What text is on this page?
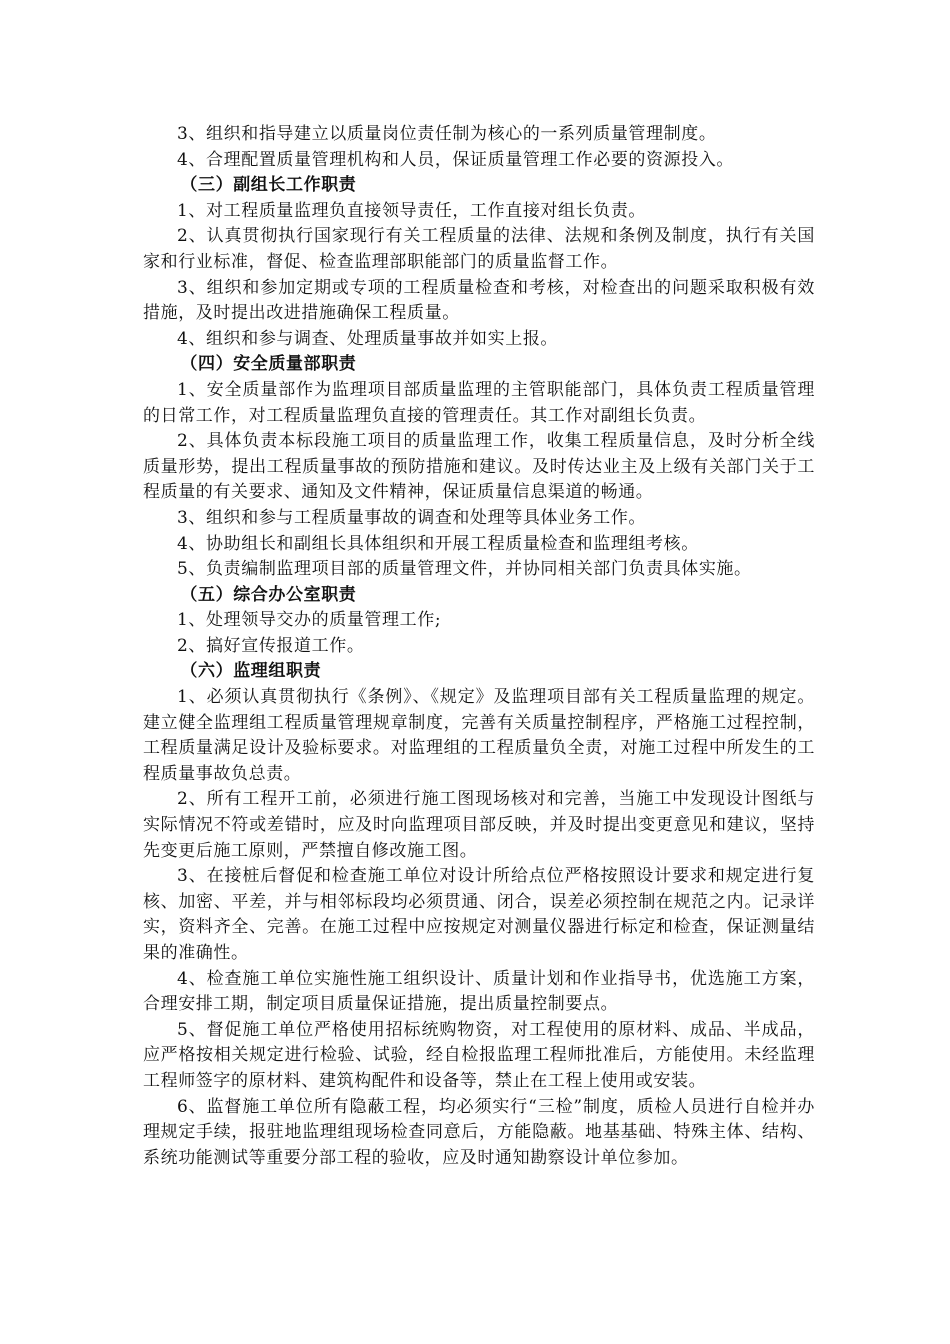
3、组织和指导建立以质量岗位责任制为核心的一系列质量管理制度。

4、合理配置质量管理机构和人员，保证质量管理工作必要的资源投入。

（三）副组长工作职责

1、对工程质量监理负直接领导责任，工作直接对组长负责。

2、认真贯彻执行国家现行有关工程质量的法律、法规和条例及制度，执行有关国家和行业标准，督促、检查监理部职能部门的质量监督工作。

3、组织和参加定期或专项的工程质量检查和考核，对检查出的问题采取积极有效措施，及时提出改进措施确保工程质量。

4、组织和参与调查、处理质量事故并如实上报。

（四）安全质量部职责

1、安全质量部作为监理项目部质量监理的主管职能部门，具体负责工程质量管理的日常工作，对工程质量监理负直接的管理责任。其工作对副组长负责。

2、具体负责本标段施工项目的质量监理工作，收集工程质量信息，及时分析全线质量形势，提出工程质量事故的预防措施和建议。及时传达业主及上级有关部门关于工程质量的有关要求、通知及文件精神，保证质量信息渠道的畅通。

3、组织和参与工程质量事故的调查和处理等具体业务工作。

4、协助组长和副组长具体组织和开展工程质量检查和监理组考核。

5、负责编制监理项目部的质量管理文件，并协同相关部门负责具体实施。

（五）综合办公室职责

1、处理领导交办的质量管理工作;

2、搞好宣传报道工作。

（六）监理组职责

1、必须认真贯彻执行《条例》、《规定》及监理项目部有关工程质量监理的规定。建立健全监理组工程质量管理规章制度，完善有关质量控制程序，严格施工过程控制，工程质量满足设计及验标要求。对监理组的工程质量负全责，对施工过程中所发生的工程质量事故负总责。

2、所有工程开工前，必须进行施工图现场核对和完善，当施工中发现设计图纸与实际情况不符或差错时，应及时向监理项目部反映，并及时提出变更意见和建议，坚持先变更后施工原则，严禁擅自修改施工图。

3、在接桩后督促和检查施工单位对设计所给点位严格按照设计要求和规定进行复核、加密、平差，并与相邻标段均必须贯通、闭合，误差必须控制在规范之内。记录详实，资料齐全、完善。在施工过程中应按规定对测量仪器进行标定和检查，保证测量结果的准确性。

4、检查施工单位实施性施工组织设计、质量计划和作业指导书，优选施工方案，合理安排工期，制定项目质量保证措施，提出质量控制要点。

5、督促施工单位严格使用招标统购物资，对工程使用的原材料、成品、半成品，应严格按相关规定进行检验、试验，经自检报监理工程师批准后，方能使用。未经监理工程师签字的原材料、建筑构配件和设备等，禁止在工程上使用或安装。

6、监督施工单位所有隐蔽工程，均必须实行“三检”制度，质检人员进行自检并办理规定手续，报驻地监理组现场检查同意后，方能隐蔽。地基基础、特殊主体、结构、系统功能测试等重要分部工程的验收，应及时通知勘察设计单位参加。
